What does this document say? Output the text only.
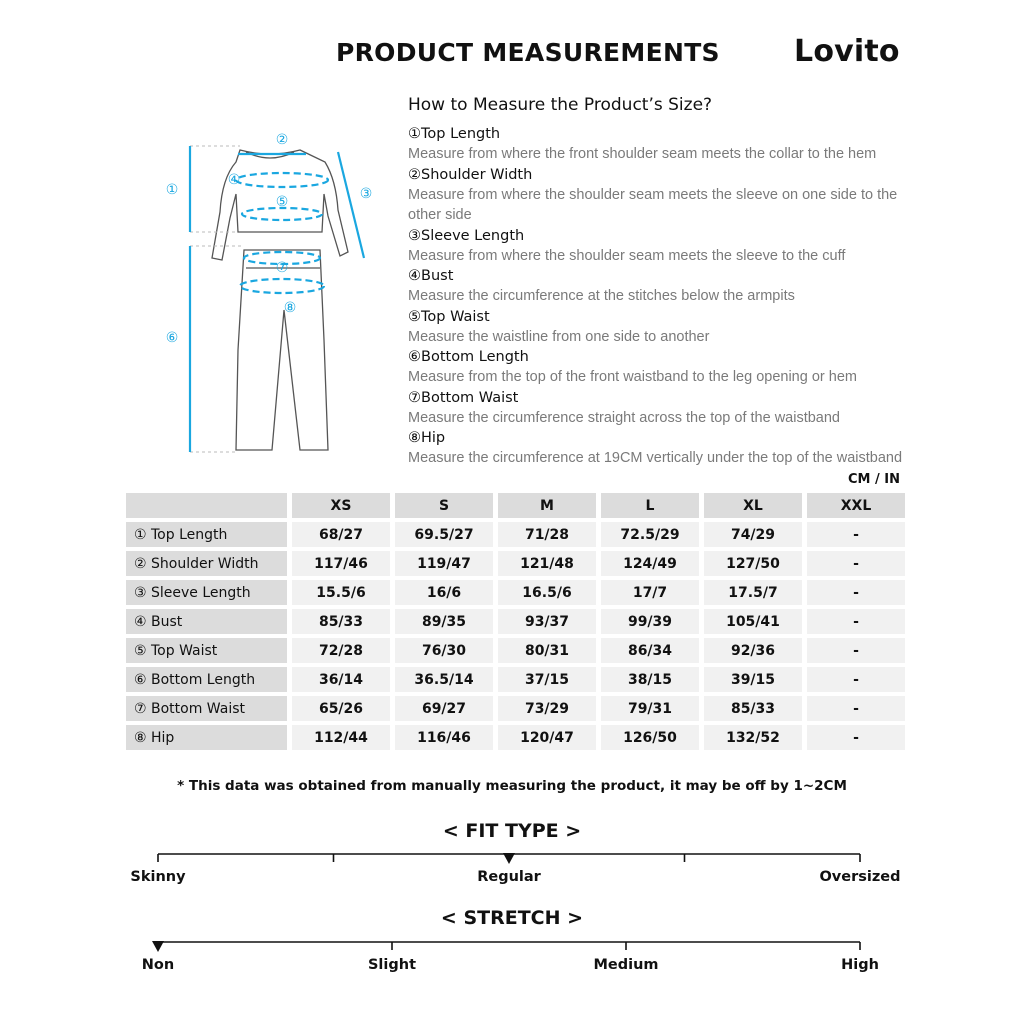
PRODUCT MEASUREMENTS Lovito
①
②
③
④
⑤
⑥
⑦
⑧
How to Measure the Product’s Size?
①Top Length
Measure from where the front shoulder seam meets the collar to the hem
②Shoulder Width
Measure from where the shoulder seam meets the sleeve on one side to the other side
③Sleeve Length
Measure from where the shoulder seam meets the sleeve to the cuff
④Bust
Measure the circumference at the stitches below the armpits
⑤Top Waist
Measure the waistline from one side to another
⑥Bottom Length
Measure from the top of the front waistband to the leg opening or hem
⑦Bottom Waist
Measure the circumference straight across the top of the waistband
⑧Hip
Measure the circumference at 19CM vertically under the top of the waistband
CM / IN
	XS	S	M	L	XL	XXL
① Top Length	68/27	69.5/27	71/28	72.5/29	74/29	-
② Shoulder Width	117/46	119/47	121/48	124/49	127/50	-
③ Sleeve Length	15.5/6	16/6	16.5/6	17/7	17.5/7	-
④ Bust	85/33	89/35	93/37	99/39	105/41	-
⑤ Top Waist	72/28	76/30	80/31	86/34	92/36	-
⑥ Bottom Length	36/14	36.5/14	37/15	38/15	39/15	-
⑦ Bottom Waist	65/26	69/27	73/29	79/31	85/33	-
⑧ Hip	112/44	116/46	120/47	126/50	132/52	-
* This data was obtained from manually measuring the product, it may be off by 1~2CM
< FIT TYPE >
< STRETCH >
Skinny	Regular	Oversized
Non	Slight	Medium	High
